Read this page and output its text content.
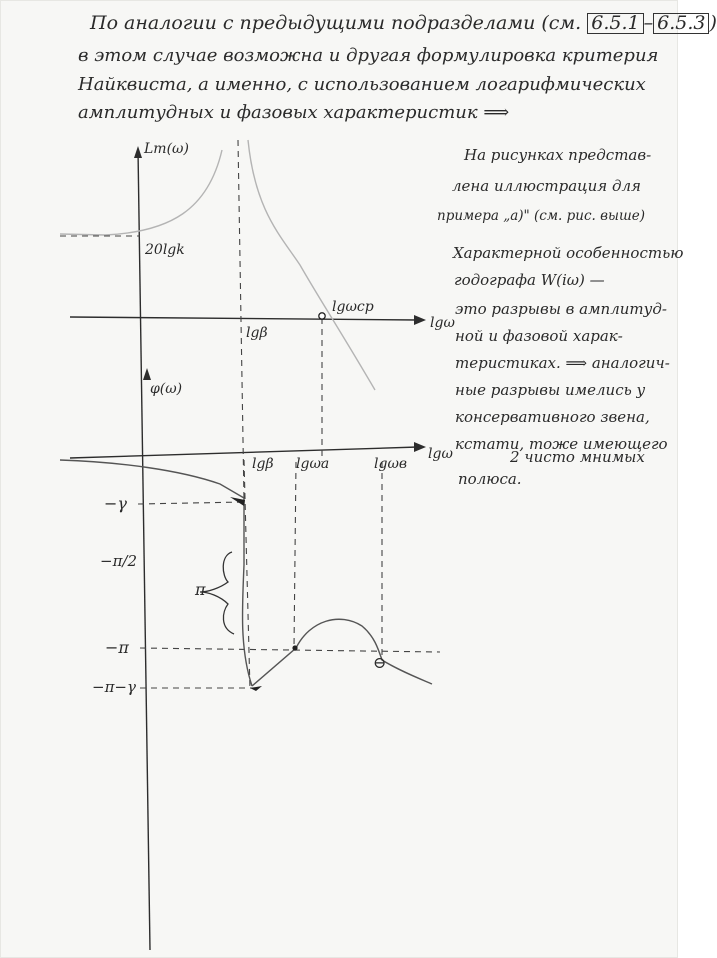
По аналогии с предыдущими подразделами (см. 6.5.1 – 6.5.3 )
в этом случае возможна и другая формулировка критерия
Найквиста, а именно, с использованием логарифмических
амплитудных и фазовых характеристик ⟹
На рисунках представ-
лена иллюстрация для
примера „а)" (см. рис. выше)
Характерной особенностью
годографа W(iω) —
это разрывы в амплитуд-
ной и фазовой харак-
теристиках. ⟹ аналогич-
ные разрывы имелись у
консервативного звена,
кстати, тоже имеющего
2 чисто мнимых
полюса.
Lm(ω)
20lgk
lgω
lgβ
lgωср
φ(ω)
lgω
lgβ lgωа	lgωв
−γ
−π/2
−π
−π−γ
π
⊖
